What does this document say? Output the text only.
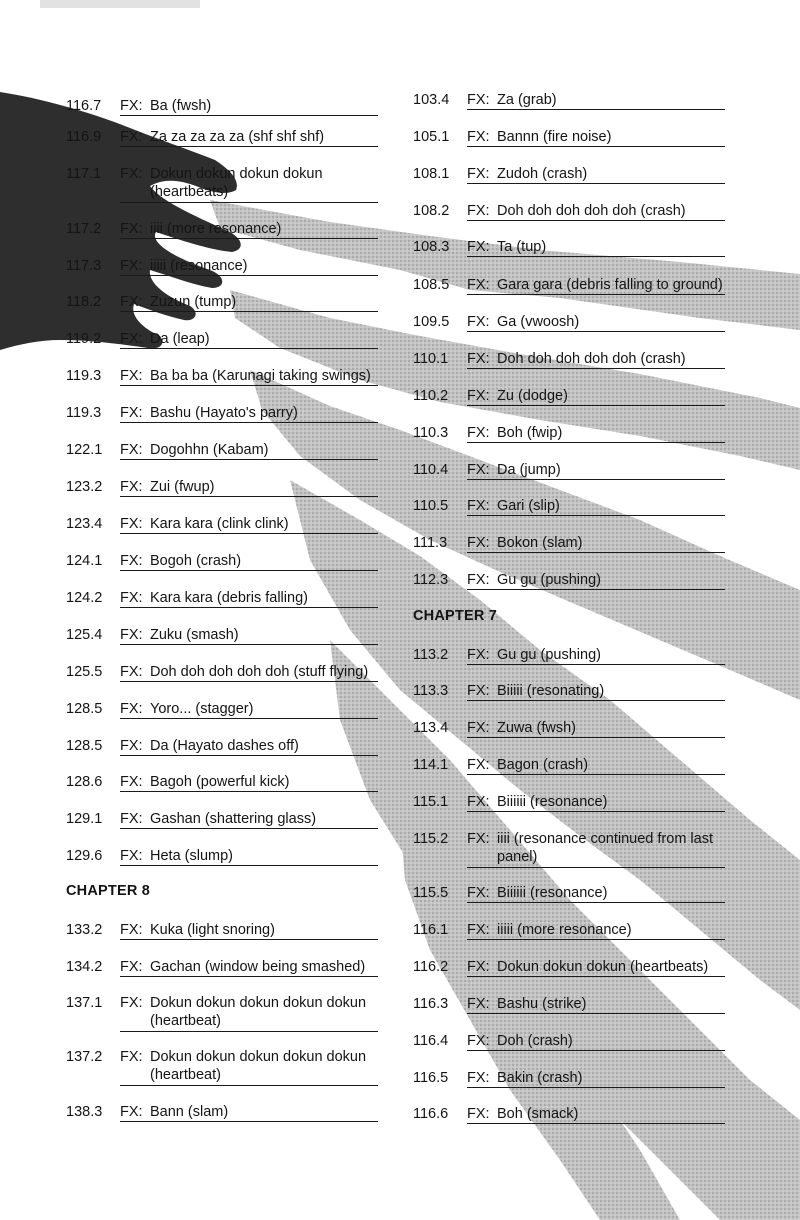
116.7	FX: Ba (fwsh)
116.9	FX: Za za za za za (shf shf shf)
117.1	FX: Dokun dokun dokun dokun (heartbeats)
117.2	FX: iiii (more resonance)
117.3	FX: iiiii (resonance)
118.2	FX: Zuzun (tump)
119.2	FX: Da (leap)
119.3	FX: Ba ba ba (Karunagi taking swings)
119.3	FX: Bashu (Hayato's parry)
122.1	FX: Dogohhn (Kabam)
123.2	FX: Zui (fwup)
123.4	FX: Kara kara (clink clink)
124.1	FX: Bogoh (crash)
124.2	FX: Kara kara (debris falling)
125.4	FX: Zuku (smash)
125.5	FX: Doh doh doh doh doh (stuff flying)
128.5	FX: Yoro... (stagger)
128.5	FX: Da (Hayato dashes off)
128.6	FX: Bagoh (powerful kick)
129.1	FX: Gashan (shattering glass)
129.6	FX: Heta (slump)
CHAPTER 8
133.2	FX: Kuka (light snoring)
134.2	FX: Gachan (window being smashed)
137.1	FX: Dokun dokun dokun dokun dokun (heartbeat)
137.2	FX: Dokun dokun dokun dokun dokun (heartbeat)
138.3	FX: Bann (slam)
103.4	FX: Za (grab)
105.1	FX: Bannn (fire noise)
108.1	FX: Zudoh (crash)
108.2	FX: Doh doh doh doh doh (crash)
108.3	FX: Ta (tup)
108.5	FX: Gara gara (debris falling to ground)
109.5	FX: Ga (vwoosh)
110.1	FX: Doh doh doh doh doh (crash)
110.2	FX: Zu (dodge)
110.3	FX: Boh (fwip)
110.4	FX: Da (jump)
110.5	FX: Gari (slip)
111.3	FX: Bokon (slam)
112.3	FX: Gu gu (pushing)
CHAPTER 7
113.2	FX: Gu gu (pushing)
113.3	FX: Biiiii (resonating)
113.4	FX: Zuwa (fwsh)
114.1	FX: Bagon (crash)
115.1	FX: Biiiiii (resonance)
115.2	FX: iiii (resonance continued from last panel)
115.5	FX: Biiiiii (resonance)
116.1	FX: iiiii (more resonance)
116.2	FX: Dokun dokun dokun (heartbeats)
116.3	FX: Bashu (strike)
116.4	FX: Doh (crash)
116.5	FX: Bakin (crash)
116.6	FX: Boh (smack)
